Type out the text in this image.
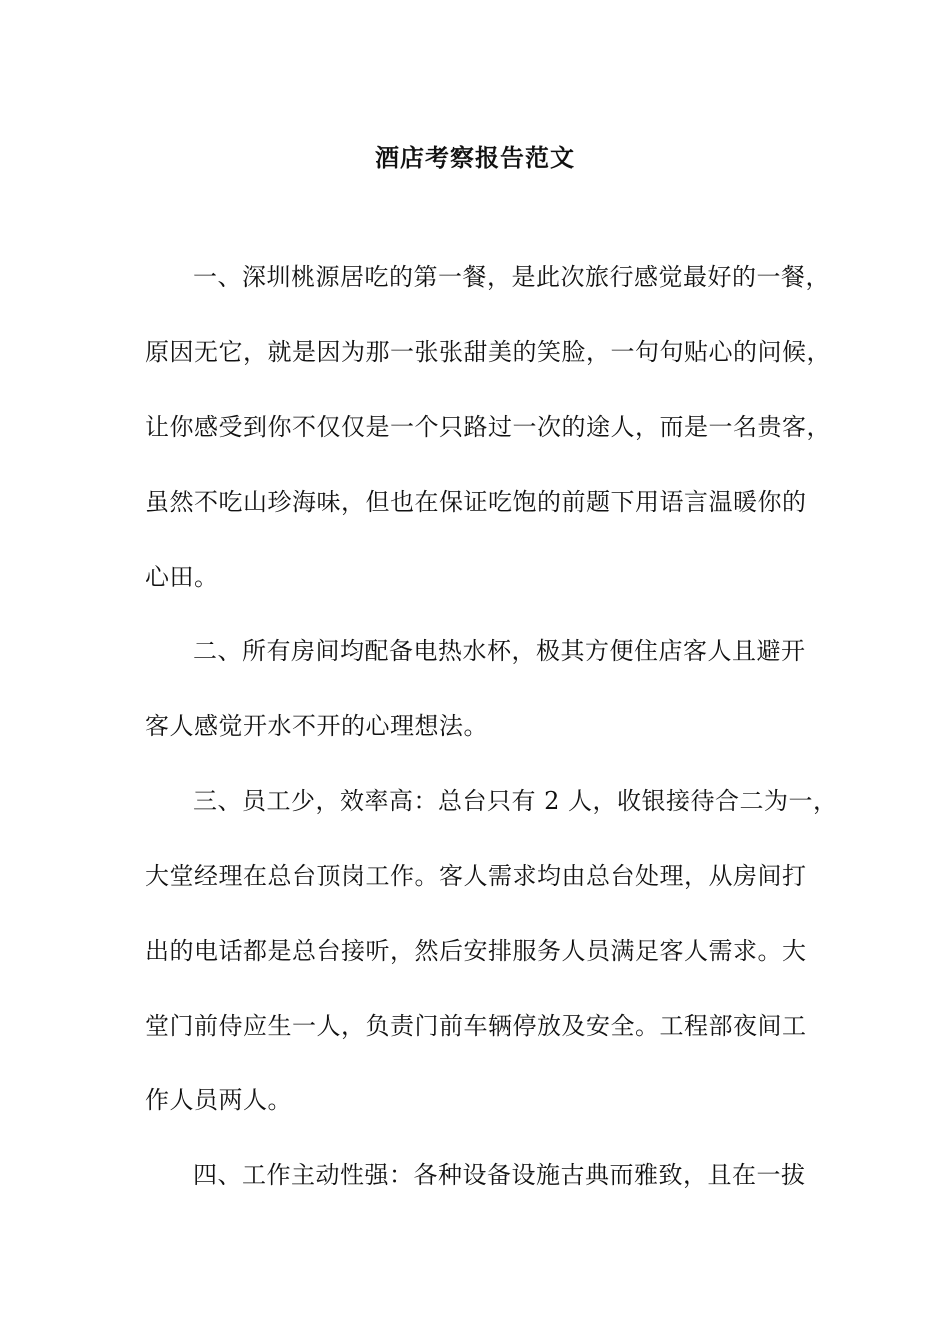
酒店考察报告范文
一、深圳桃源居吃的第一餐，是此次旅行感觉最好的一餐，
原因无它，就是因为那一张张甜美的笑脸，一句句贴心的问候，
让你感受到你不仅仅是一个只路过一次的途人，而是一名贵客，
虽然不吃山珍海味，但也在保证吃饱的前题下用语言温暖你的
心田。
二、所有房间均配备电热水杯，极其方便住店客人且避开
客人感觉开水不开的心理想法。
三、员工少，效率高：总台只有 2 人，收银接待合二为一，
大堂经理在总台顶岗工作。客人需求均由总台处理，从房间打
出的电话都是总台接听，然后安排服务人员满足客人需求。大
堂门前侍应生一人，负责门前车辆停放及安全。工程部夜间工
作人员两人。
四、工作主动性强：各种设备设施古典而雅致，且在一拔
